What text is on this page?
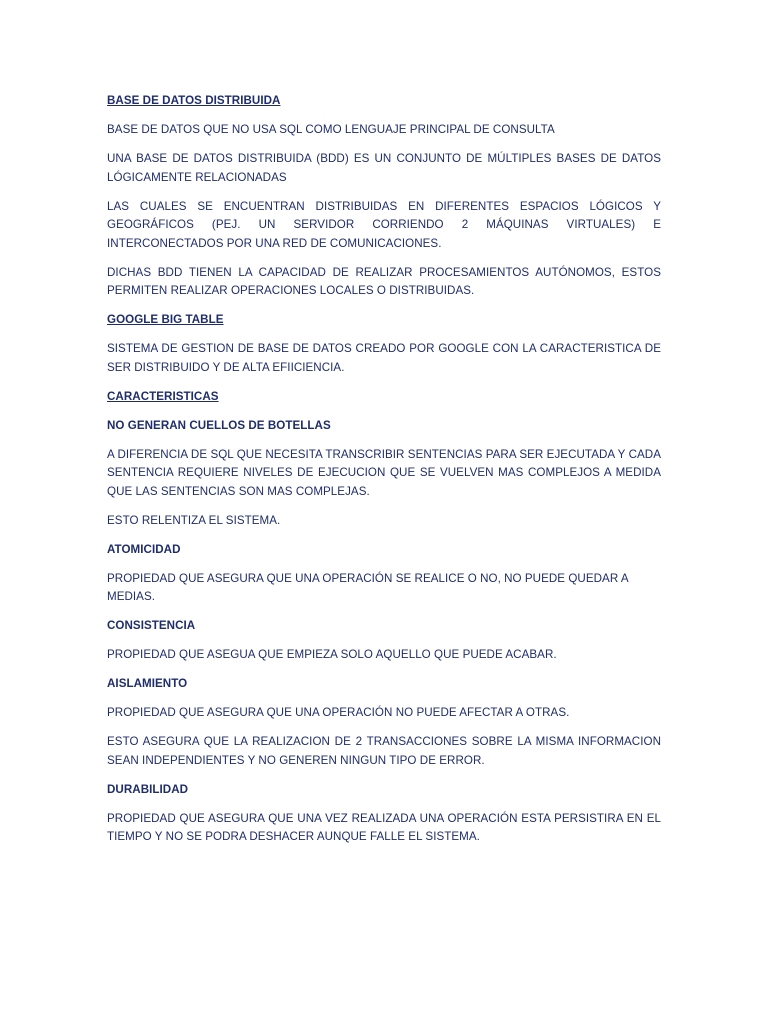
BASE DE DATOS DISTRIBUIDA
BASE DE DATOS QUE NO USA SQL COMO LENGUAJE PRINCIPAL DE CONSULTA
UNA BASE DE DATOS DISTRIBUIDA (BDD) ES UN CONJUNTO DE MÚLTIPLES BASES DE DATOS LÓGICAMENTE RELACIONADAS
LAS CUALES SE ENCUENTRAN DISTRIBUIDAS EN DIFERENTES ESPACIOS LÓGICOS Y GEOGRÁFICOS (PEJ. UN SERVIDOR CORRIENDO 2 MÁQUINAS VIRTUALES) E INTERCONECTADOS POR UNA RED DE COMUNICACIONES.
DICHAS BDD TIENEN LA CAPACIDAD DE REALIZAR PROCESAMIENTOS AUTÓNOMOS, ESTOS PERMITEN REALIZAR OPERACIONES LOCALES O DISTRIBUIDAS.
GOOGLE BIG TABLE
SISTEMA DE GESTION DE BASE DE DATOS CREADO POR GOOGLE CON LA CARACTERISTICA DE SER DISTRIBUIDO Y DE ALTA EFIICIENCIA.
CARACTERISTICAS
NO GENERAN CUELLOS DE BOTELLAS
A DIFERENCIA DE SQL QUE NECESITA TRANSCRIBIR SENTENCIAS PARA SER EJECUTADA Y CADA SENTENCIA REQUIERE NIVELES DE EJECUCION QUE SE VUELVEN MAS COMPLEJOS A MEDIDA QUE LAS SENTENCIAS SON MAS COMPLEJAS.
ESTO RELENTIZA EL SISTEMA.
ATOMICIDAD
PROPIEDAD QUE ASEGURA QUE UNA OPERACIÓN SE REALICE O NO, NO PUEDE QUEDAR A MEDIAS.
CONSISTENCIA
PROPIEDAD QUE ASEGUA QUE EMPIEZA SOLO AQUELLO QUE PUEDE ACABAR.
AISLAMIENTO
PROPIEDAD QUE ASEGURA QUE UNA OPERACIÓN NO PUEDE AFECTAR A OTRAS.
ESTO ASEGURA QUE LA REALIZACION DE 2 TRANSACCIONES SOBRE LA MISMA INFORMACION SEAN INDEPENDIENTES Y NO GENEREN NINGUN TIPO DE ERROR.
DURABILIDAD
PROPIEDAD QUE ASEGURA QUE UNA VEZ REALIZADA UNA OPERACIÓN ESTA PERSISTIRA EN EL TIEMPO Y NO SE PODRA DESHACER AUNQUE FALLE EL SISTEMA.
